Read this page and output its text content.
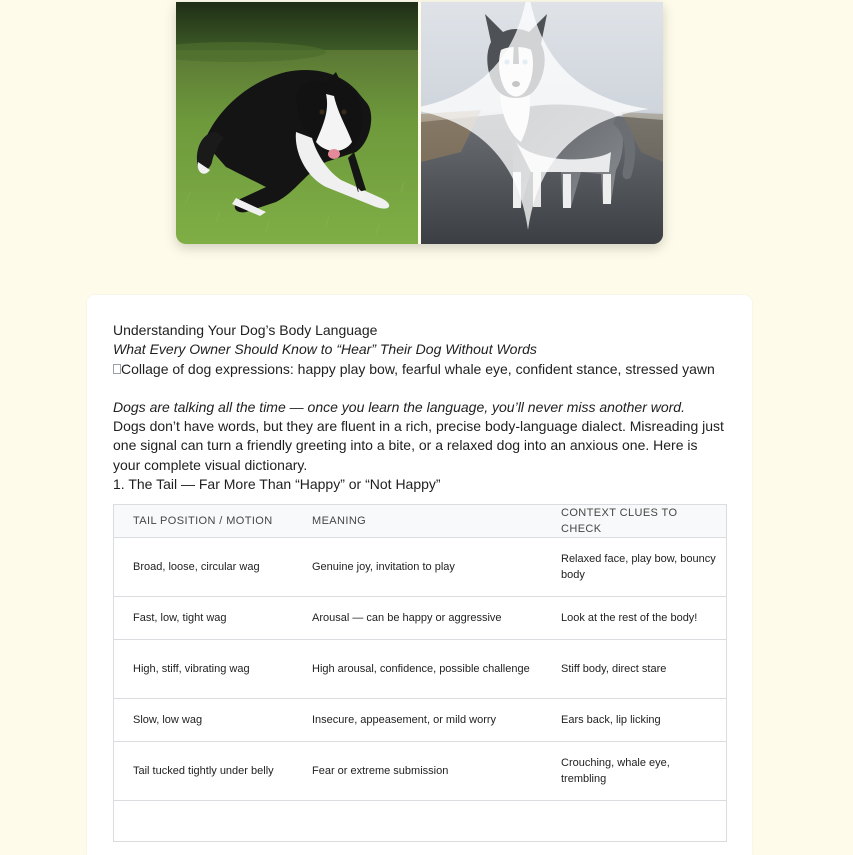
Understanding Your Dog’s Body Language

What Every Owner Should Know to “Hear” Their Dog Without Words

Collage of dog expressions: happy play bow, fearful whale eye, confident stance, stressed yawn

Dogs are talking all the time — once you learn the language, you’ll never miss another word.

Dogs don’t have words, but they are fluent in a rich, precise body-language dialect. Misreading just one signal can turn a friendly greeting into a bite, or a relaxed dog into an anxious one. Here is your complete visual dictionary.

1. The Tail — Far More Than “Happy” or “Not Happy”

TAIL POSITION / MOTION	MEANING	CONTEXT CLUES TO CHECK
Broad, loose, circular wag	Genuine joy, invitation to play	Relaxed face, play bow, bouncy body
Fast, low, tight wag	Arousal — can be happy or aggressive	Look at the rest of the body!
High, stiff, vibrating wag	High arousal, confidence, possible challenge	Stiff body, direct stare
Slow, low wag	Insecure, appeasement, or mild worry	Ears back, lip licking
Tail tucked tightly under belly	Fear or extreme submission	Crouching, whale eye, trembling
